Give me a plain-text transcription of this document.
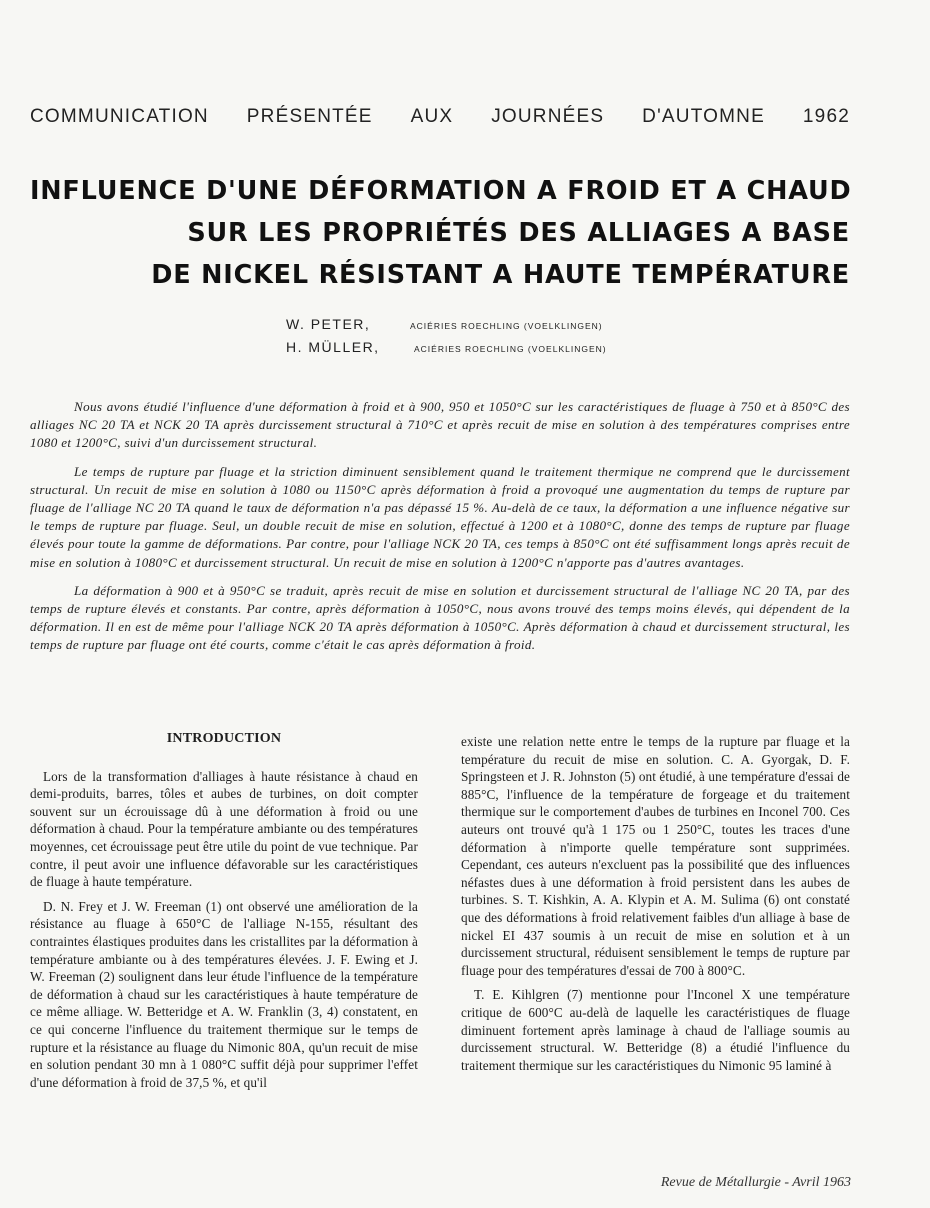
COMMUNICATION PRÉSENTÉE AUX JOURNÉES D'AUTOMNE 1962
INFLUENCE D'UNE DÉFORMATION A FROID ET A CHAUD
SUR LES PROPRIÉTÉS DES ALLIAGES A BASE
DE NICKEL RÉSISTANT A HAUTE TEMPÉRATURE
W. PETER,	ACIÉRIES ROECHLING (VOELKLINGEN)
H. MÜLLER,	ACIÉRIES ROECHLING (VOELKLINGEN)

Nous avons étudié l'influence d'une déformation à froid et à 900, 950 et 1050°C sur les caractéristiques de fluage à 750 et à 850°C des alliages NC 20 TA et NCK 20 TA après durcissement structural à 710°C et après recuit de mise en solution à des températures comprises entre 1080 et 1200°C, suivi d'un durcissement structural.

Le temps de rupture par fluage et la striction diminuent sensiblement quand le traitement thermique ne comprend que le durcissement structural. Un recuit de mise en solution à 1080 ou 1150°C après déformation à froid a provoqué une augmentation du temps de rupture par fluage de l'alliage NC 20 TA quand le taux de déformation n'a pas dépassé 15 %. Au-delà de ce taux, la déformation a une influence négative sur le temps de rupture par fluage. Seul, un double recuit de mise en solution, effectué à 1200 et à 1080°C, donne des temps de rupture par fluage élevés pour toute la gamme de déformations. Par contre, pour l'alliage NCK 20 TA, ces temps à 850°C ont été suffisamment longs après recuit de mise en solution à 1080°C et durcissement structural. Un recuit de mise en solution à 1200°C n'apporte pas d'autres avantages.

La déformation à 900 et à 950°C se traduit, après recuit de mise en solution et durcissement structural de l'alliage NC 20 TA, par des temps de rupture élevés et constants. Par contre, après déformation à 1050°C, nous avons trouvé des temps moins élevés, qui dépendent de la déformation. Il en est de même pour l'alliage NCK 20 TA après déformation à 1050°C. Après déformation à chaud et durcissement structural, les temps de rupture par fluage ont été courts, comme c'était le cas après déformation à froid.

INTRODUCTION

Lors de la transformation d'alliages à haute résistance à chaud en demi-produits, barres, tôles et aubes de turbines, on doit compter souvent sur un écrouissage dû à une déformation à froid ou une déformation à chaud. Pour la température ambiante ou des températures moyennes, cet écrouissage peut être utile du point de vue technique. Par contre, il peut avoir une influence défavorable sur les caractéristiques de fluage à haute température.

D. N. Frey et J. W. Freeman (1) ont observé une amélioration de la résistance au fluage à 650°C de l'alliage N-155, résultant des contraintes élastiques produites dans les cristallites par la déformation à température ambiante ou à des températures élevées. J. F. Ewing et J. W. Freeman (2) soulignent dans leur étude l'influence de la température de déformation à chaud sur les caractéristiques à haute température de ce même alliage. W. Betteridge et A. W. Franklin (3, 4) constatent, en ce qui concerne l'influence du traitement thermique sur le temps de rupture et la résistance au fluage du Nimonic 80A, qu'un recuit de mise en solution pendant 30 mn à 1 080°C suffit déjà pour supprimer l'effet d'une déformation à froid de 37,5 %, et qu'il

existe une relation nette entre le temps de la rupture par fluage et la température du recuit de mise en solution. C. A. Gyorgak, D. F. Springsteen et J. R. Johnston (5) ont étudié, à une température d'essai de 885°C, l'influence de la température de forgeage et du traitement thermique sur le comportement d'aubes de turbines en Inconel 700. Ces auteurs ont trouvé qu'à 1 175 ou 1 250°C, toutes les traces d'une déformation à n'importe quelle température sont supprimées. Cependant, ces auteurs n'excluent pas la possibilité que des influences néfastes dues à une déformation à froid persistent dans les aubes de turbines. S. T. Kishkin, A. A. Klypin et A. M. Sulima (6) ont constaté que des déformations à froid relativement faibles d'un alliage à base de nickel EI 437 soumis à un recuit de mise en solution et à un durcissement structural, réduisent sensiblement le temps de rupture par fluage pour des températures d'essai de 700 à 800°C.

T. E. Kihlgren (7) mentionne pour l'Inconel X une température critique de 600°C au-delà de laquelle les caractéristiques de fluage diminuent fortement après laminage à chaud de l'alliage soumis au durcissement structural. W. Betteridge (8) a étudié l'influence du traitement thermique sur les caractéristiques du Nimonic 95 laminé à

Revue de Métallurgie - Avril 1963
